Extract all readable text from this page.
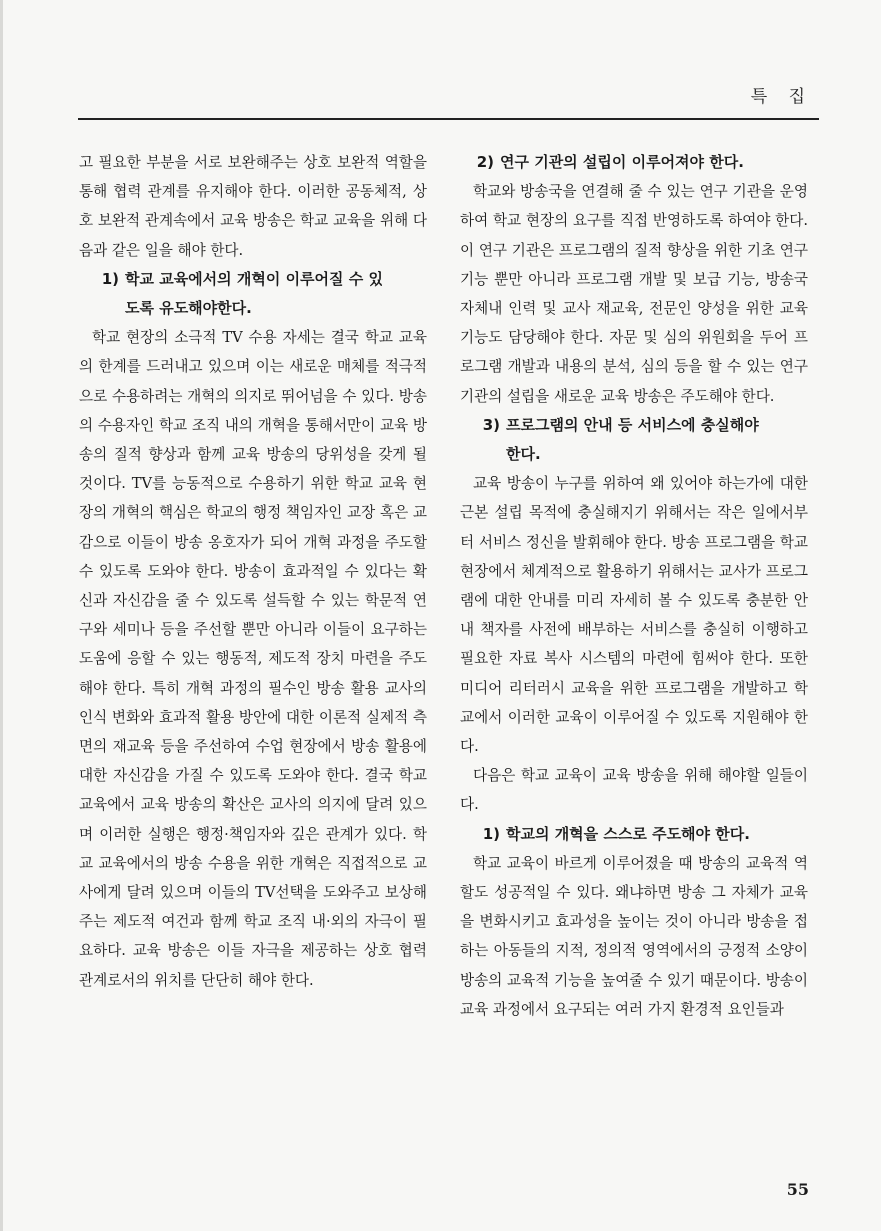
특 집

고 필요한 부분을 서로 보완해주는 상호 보완적 역할을 통해 협력 관계를 유지해야 한다. 이러한 공동체적, 상호 보완적 관계속에서 교육 방송은 학교 교육을 위해 다음과 같은 일을 해야 한다.

1) 학교 교육에서의 개혁이 이루어질 수 있
도록 유도해야한다.

학교 현장의 소극적 TV 수용 자세는 결국 학교 교육의 한계를 드러내고 있으며 이는 새로운 매체를 적극적으로 수용하려는 개혁의 의지로 뛰어넘을 수 있다. 방송의 수용자인 학교 조직 내의 개혁을 통해서만이 교육 방송의 질적 향상과 함께 교육 방송의 당위성을 갖게 될 것이다. TV를 능동적으로 수용하기 위한 학교 교육 현장의 개혁의 핵심은 학교의 행정 책임자인 교장 혹은 교감으로 이들이 방송 옹호자가 되어 개혁 과정을 주도할 수 있도록 도와야 한다. 방송이 효과적일 수 있다는 확신과 자신감을 줄 수 있도록 설득할 수 있는 학문적 연구와 세미나 등을 주선할 뿐만 아니라 이들이 요구하는 도움에 응할 수 있는 행동적, 제도적 장치 마련을 주도해야 한다. 특히 개혁 과정의 필수인 방송 활용 교사의 인식 변화와 효과적 활용 방안에 대한 이론적 실제적 측면의 재교육 등을 주선하여 수업 현장에서 방송 활용에 대한 자신감을 가질 수 있도록 도와야 한다. 결국 학교 교육에서 교육 방송의 확산은 교사의 의지에 달려 있으며 이러한 실행은 행정·책임자와 깊은 관계가 있다. 학교 교육에서의 방송 수용을 위한 개혁은 직접적으로 교사에게 달려 있으며 이들의 TV선택을 도와주고 보상해 주는 제도적 여건과 함께 학교 조직 내·외의 자극이 필요하다. 교육 방송은 이들 자극을 제공하는 상호 협력 관계로서의 위치를 단단히 해야 한다.

2) 연구 기관의 설립이 이루어져야 한다.

학교와 방송국을 연결해 줄 수 있는 연구 기관을 운영하여 학교 현장의 요구를 직접 반영하도록 하여야 한다. 이 연구 기관은 프로그램의 질적 향상을 위한 기초 연구 기능 뿐만 아니라 프로그램 개발 및 보급 기능, 방송국 자체내 인력 및 교사 재교육, 전문인 양성을 위한 교육 기능도 담당해야 한다. 자문 및 심의 위원회을 두어 프로그램 개발과 내용의 분석, 심의 등을 할 수 있는 연구 기관의 설립을 새로운 교육 방송은 주도해야 한다.

3) 프로그램의 안내 등 서비스에 충실해야
한다.

교육 방송이 누구를 위하여 왜 있어야 하는가에 대한 근본 설립 목적에 충실해지기 위해서는 작은 일에서부터 서비스 정신을 발휘해야 한다. 방송 프로그램을 학교 현장에서 체계적으로 활용하기 위해서는 교사가 프로그램에 대한 안내를 미리 자세히 볼 수 있도록 충분한 안내 책자를 사전에 배부하는 서비스를 충실히 이행하고 필요한 자료 복사 시스템의 마련에 힘써야 한다. 또한 미디어 리터러시 교육을 위한 프로그램을 개발하고 학교에서 이러한 교육이 이루어질 수 있도록 지원해야 한다.

다음은 학교 교육이 교육 방송을 위해 해야할 일들이다.

1) 학교의 개혁을 스스로 주도해야 한다.

학교 교육이 바르게 이루어졌을 때 방송의 교육적 역할도 성공적일 수 있다. 왜냐하면 방송 그 자체가 교육을 변화시키고 효과성을 높이는 것이 아니라 방송을 접하는 아동들의 지적, 정의적 영역에서의 긍정적 소양이 방송의 교육적 기능을 높여줄 수 있기 때문이다. 방송이 교육 과정에서 요구되는 여러 가지 환경적 요인들과

55
